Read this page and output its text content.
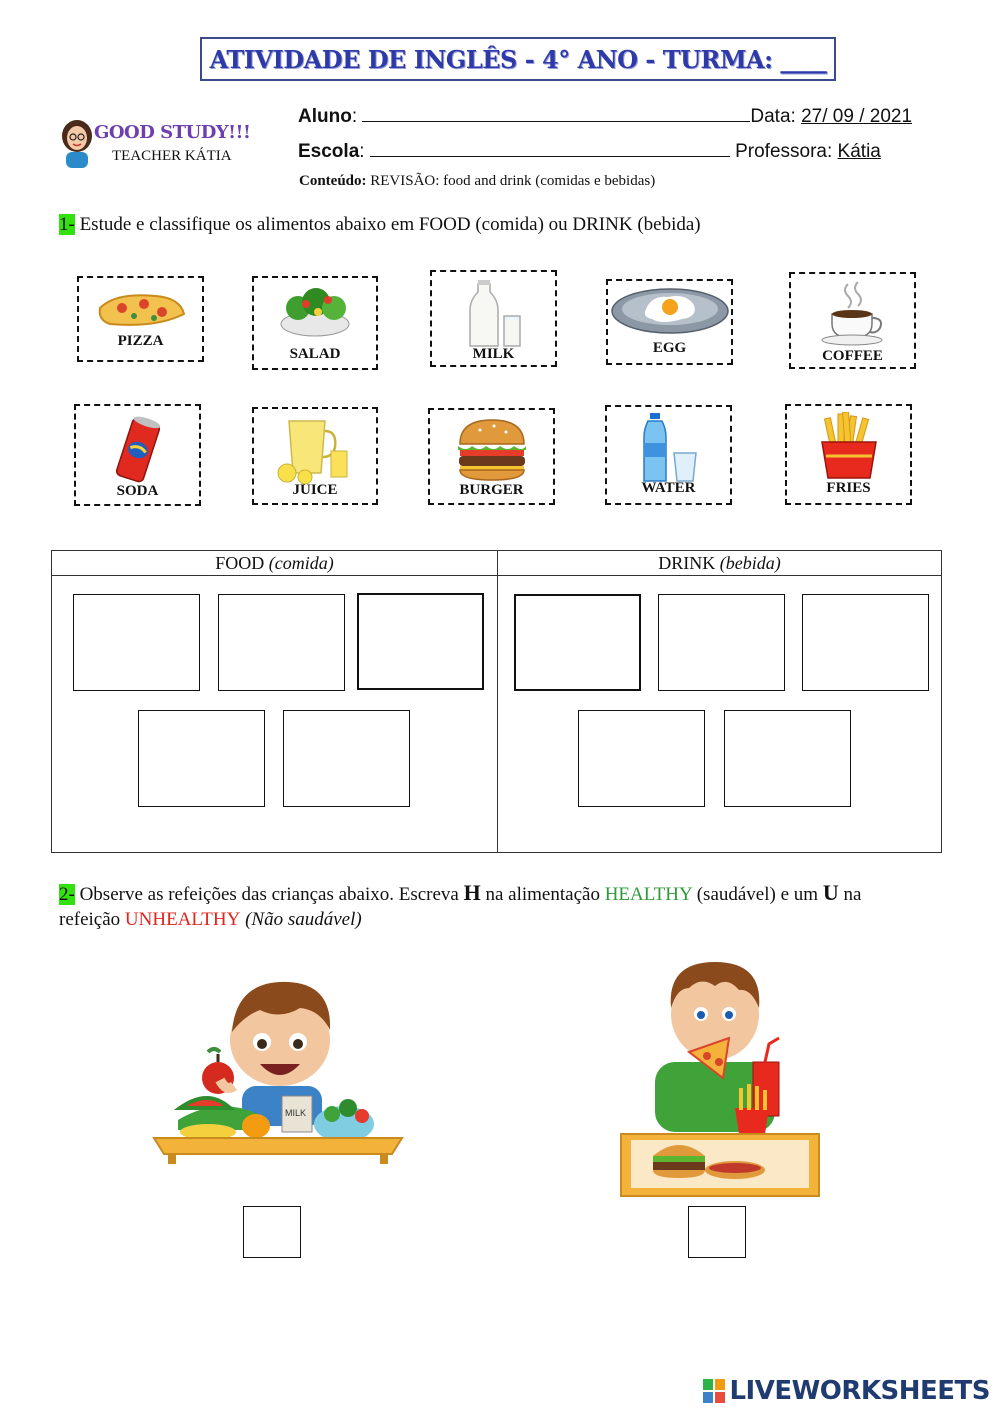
ATIVIDADE DE INGLÊS - 4° ANO - TURMA: ____
GOOD STUDY!!!
TEACHER KÁTIA
Aluno:	Data: 27/ 09 / 2021
Escola:	Professora: Kátia
Conteúdo: REVISÃO: food and drink (comidas e bebidas)
1- Estude e classifique os alimentos abaixo em FOOD (comida) ou DRINK (bebida)
PIZZA
SALAD	MILK	EGG	COFFEE
SODA	JUICE	BURGER	WATER	FRIES
FOOD (comida)	DRINK (bebida)
2- Observe as refeições das crianças abaixo. Escreva H na alimentação HEALTHY (saudável) e um U na
refeição UNHEALTHY (Não saudável)
MILK
LIVEWORKSHEETS
